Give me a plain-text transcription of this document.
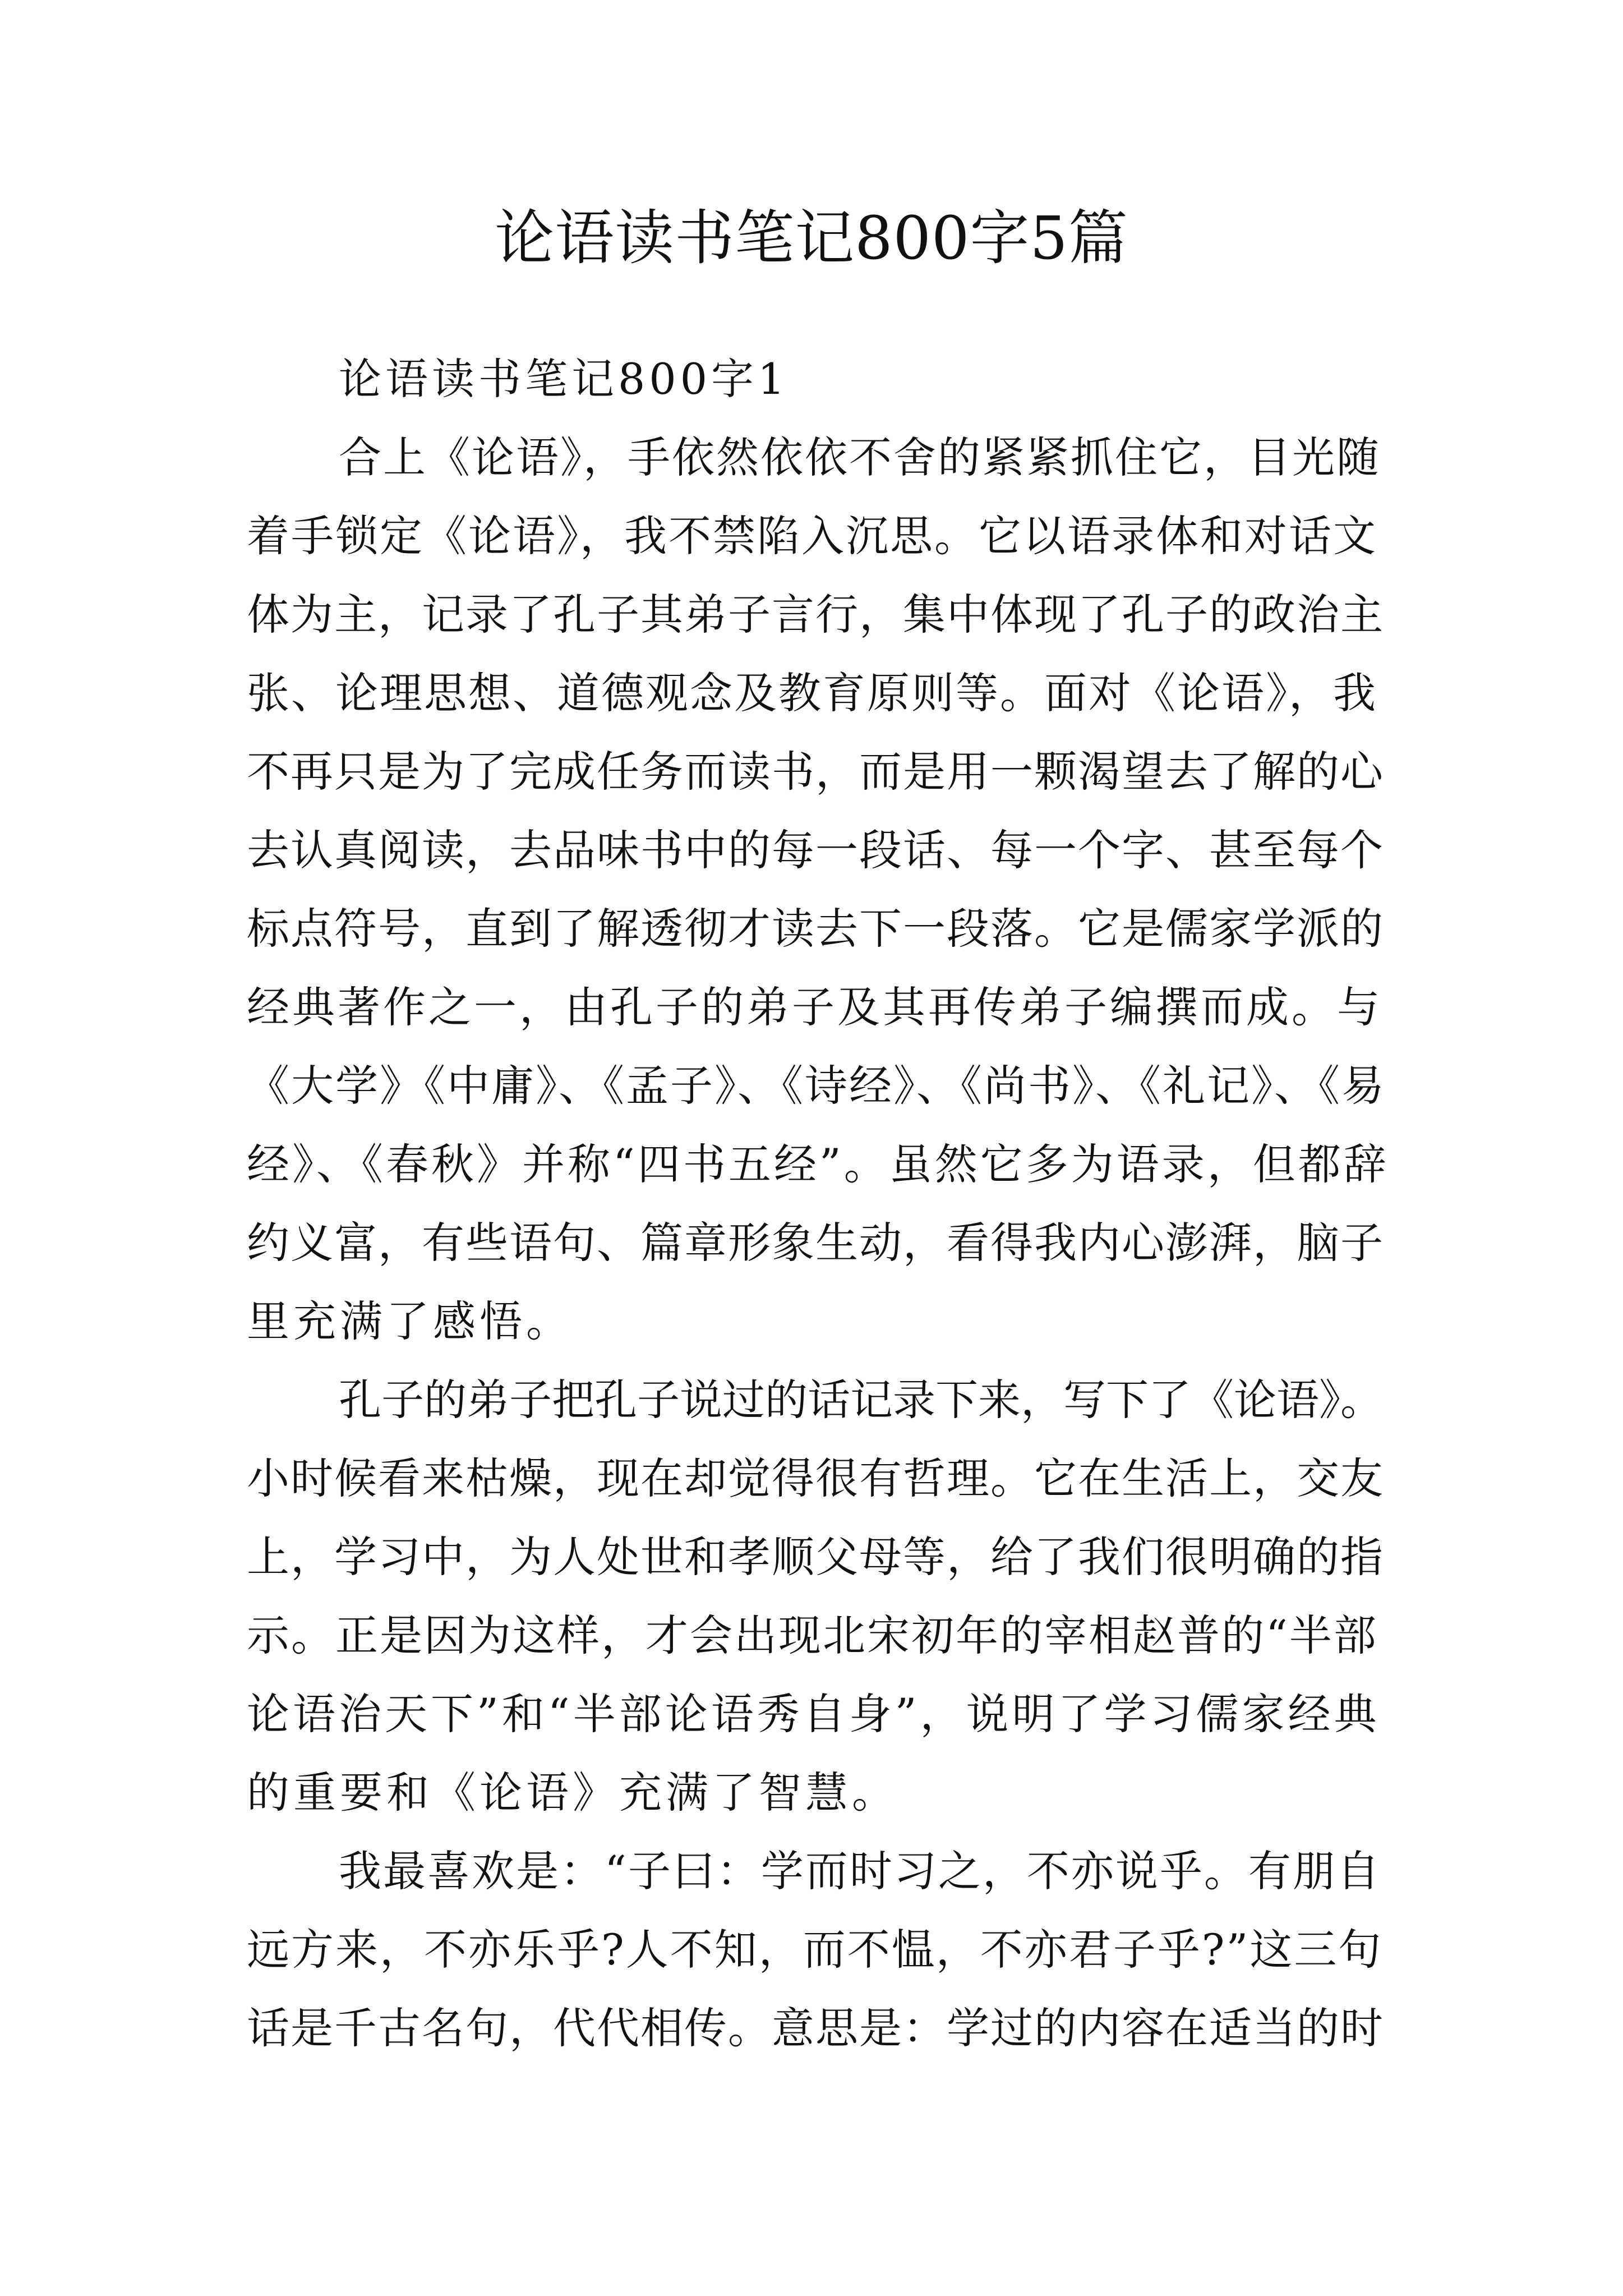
论语读书笔记800字5篇
论语读书笔记800字1
合上《论语》，手依然依依不舍的紧紧抓住它，目光随
着手锁定《论语》，我不禁陷入沉思。它以语录体和对话文
体为主，记录了孔子其弟子言行，集中体现了孔子的政治主
张、论理思想、道德观念及教育原则等。面对《论语》，我
不再只是为了完成任务而读书，而是用一颗渴望去了解的心
去认真阅读，去品味书中的每一段话、每一个字、甚至每个
标点符号，直到了解透彻才读去下一段落。它是儒家学派的
经典著作之一，由孔子的弟子及其再传弟子编撰而成。与
《大学》《中庸》、《孟子》、《诗经》、《尚书》、《礼记》、《易
经》、《春秋》并称“四书五经”。虽然它多为语录，但都辞
约义富，有些语句、篇章形象生动，看得我内心澎湃，脑子
里充满了感悟。
孔子的弟子把孔子说过的话记录下来，写下了《论语》。
小时候看来枯燥，现在却觉得很有哲理。它在生活上，交友
上，学习中，为人处世和孝顺父母等，给了我们很明确的指
示。正是因为这样，才会出现北宋初年的宰相赵普的“半部
论语治天下”和“半部论语秀自身”，说明了学习儒家经典
的重要和《论语》充满了智慧。
我最喜欢是：“子曰：学而时习之，不亦说乎。有朋自
远方来，不亦乐乎?人不知，而不愠，不亦君子乎?”这三句
话是千古名句，代代相传。意思是：学过的内容在适当的时
